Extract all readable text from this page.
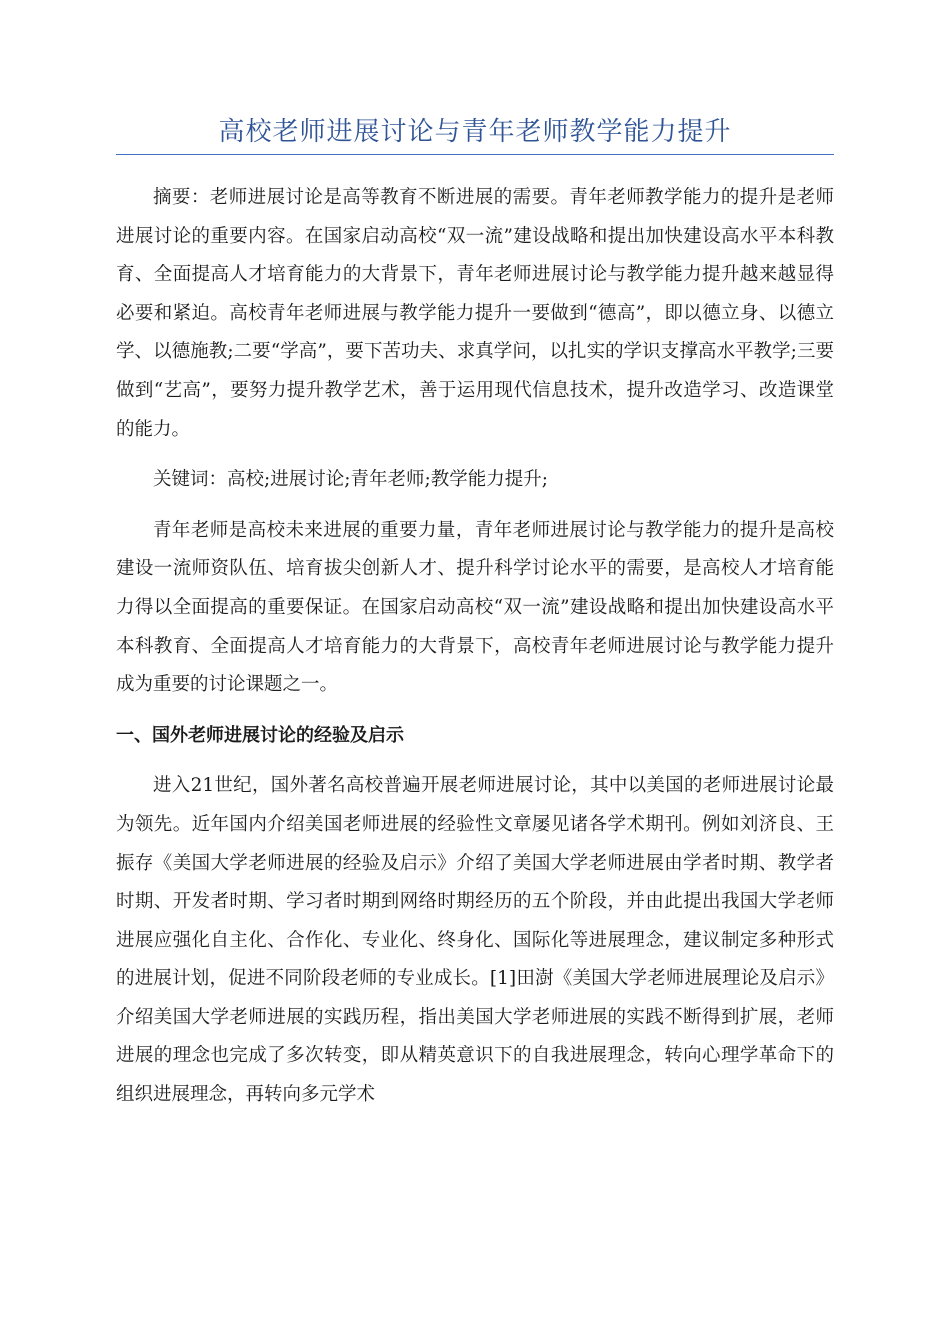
高校老师进展讨论与青年老师教学能力提升

摘要：老师进展讨论是高等教育不断进展的需要。青年老师教学能力的提升是老师进展讨论的重要内容。在国家启动高校“双一流”建设战略和提出加快建设高水平本科教育、全面提高人才培育能力的大背景下，青年老师进展讨论与教学能力提升越来越显得必要和紧迫。高校青年老师进展与教学能力提升一要做到“德高”，即以德立身、以德立学、以德施教;二要“学高”，要下苦功夫、求真学问，以扎实的学识支撑高水平教学;三要做到“艺高”，要努力提升教学艺术，善于运用现代信息技术，提升改造学习、改造课堂的能力。

关键词：高校;进展讨论;青年老师;教学能力提升;

青年老师是高校未来进展的重要力量，青年老师进展讨论与教学能力的提升是高校建设一流师资队伍、培育拔尖创新人才、提升科学讨论水平的需要，是高校人才培育能力得以全面提高的重要保证。在国家启动高校“双一流”建设战略和提出加快建设高水平本科教育、全面提高人才培育能力的大背景下，高校青年老师进展讨论与教学能力提升成为重要的讨论课题之一。

一、国外老师进展讨论的经验及启示

进入21世纪，国外著名高校普遍开展老师进展讨论，其中以美国的老师进展讨论最为领先。近年国内介绍美国老师进展的经验性文章屡见诸各学术期刊。例如刘济良、王振存《美国大学老师进展的经验及启示》介绍了美国大学老师进展由学者时期、教学者时期、开发者时期、学习者时期到网络时期经历的五个阶段，并由此提出我国大学老师进展应强化自主化、合作化、专业化、终身化、国际化等进展理念，建议制定多种形式的进展计划，促进不同阶段老师的专业成长。[1]田澍《美国大学老师进展理论及启示》介绍美国大学老师进展的实践历程，指出美国大学老师进展的实践不断得到扩展，老师进展的理念也完成了多次转变，即从精英意识下的自我进展理念，转向心理学革命下的组织进展理念，再转向多元学术
